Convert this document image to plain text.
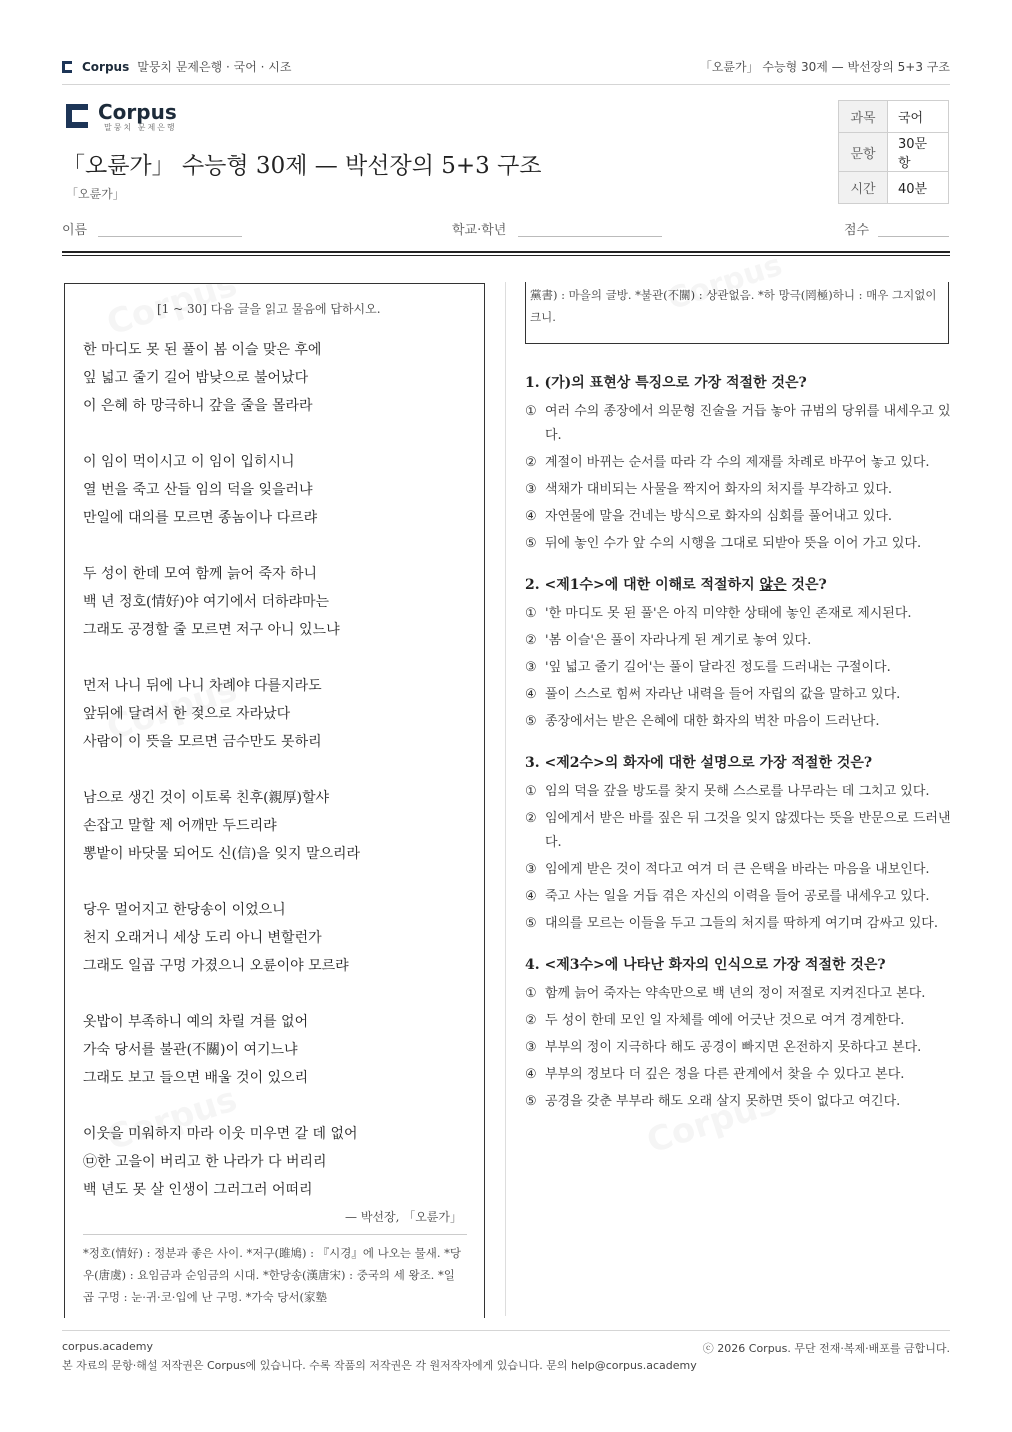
Corpus 말뭉치 문제은행 · 국어 · 시조	「오륜가」 수능형 30제 — 박선장의 5+3 구조
Corpus
말뭉치 문제은행
「오륜가」 수능형 30제 — 박선장의 5+3 구조
「오륜가」
과목	국어
문항	30문항
시간	40분
이름	학교·학년	점수
[1 ~ 30] 다음 글을 읽고 물음에 답하시오.
한 마디도 못 된 풀이 봄 이슬 맞은 후에
잎 넓고 줄기 길어 밤낮으로 불어났다
이 은혜 하 망극하니 갚을 줄을 몰라라
이 임이 먹이시고 이 임이 입히시니
열 번을 죽고 산들 임의 덕을 잊을러냐
만일에 대의를 모르면 종놈이나 다르랴
두 성이 한데 모여 함께 늙어 죽자 하니
백 년 정호(情好)야 여기에서 더하랴마는
그래도 공경할 줄 모르면 저구 아니 있느냐
먼저 나니 뒤에 나니 차례야 다를지라도
앞뒤에 달려서 한 젖으로 자라났다
사람이 이 뜻을 모르면 금수만도 못하리
남으로 생긴 것이 이토록 친후(親厚)할샤
손잡고 말할 제 어깨만 두드리랴
뽕밭이 바닷물 되어도 신(信)을 잊지 말으리라
당우 멀어지고 한당송이 이었으니
천지 오래거니 세상 도리 아니 변할런가
그래도 일곱 구멍 가졌으니 오륜이야 모르랴
옷밥이 부족하니 예의 차릴 겨를 없어
가숙 당서를 불관(不關)이 여기느냐
그래도 보고 들으면 배울 것이 있으리
이웃을 미워하지 마라 이웃 미우면 갈 데 없어
㉤한 고을이 버리고 한 나라가 다 버리리
백 년도 못 살 인생이 그러그러 어떠리
— 박선장, 「오륜가」
*정호(情好) : 정분과 좋은 사이. *저구(雎鳩) : 『시경』에 나오는 물새. *당우(唐虞) : 요임금과 순임금의 시대. *한당송(漢唐宋) : 중국의 세 왕조. *일곱 구멍 : 눈·귀·코·입에 난 구멍. *가숙 당서(家塾
黨書) : 마을의 글방. *불관(不關) : 상관없음. *하 망극(罔極)하니 : 매우 그지없이 크니.
1. (가)의 표현상 특징으로 가장 적절한 것은?
① 여러 수의 종장에서 의문형 진술을 거듭 놓아 규범의 당위를 내세우고 있다.
② 계절이 바뀌는 순서를 따라 각 수의 제재를 차례로 바꾸어 놓고 있다.
③ 색채가 대비되는 사물을 짝지어 화자의 처지를 부각하고 있다.
④ 자연물에 말을 건네는 방식으로 화자의 심회를 풀어내고 있다.
⑤ 뒤에 놓인 수가 앞 수의 시행을 그대로 되받아 뜻을 이어 가고 있다.
2. <제1수>에 대한 이해로 적절하지 않은 것은?
① '한 마디도 못 된 풀'은 아직 미약한 상태에 놓인 존재로 제시된다.
② '봄 이슬'은 풀이 자라나게 된 계기로 놓여 있다.
③ '잎 넓고 줄기 길어'는 풀이 달라진 정도를 드러내는 구절이다.
④ 풀이 스스로 힘써 자라난 내력을 들어 자립의 값을 말하고 있다.
⑤ 종장에서는 받은 은혜에 대한 화자의 벅찬 마음이 드러난다.
3. <제2수>의 화자에 대한 설명으로 가장 적절한 것은?
① 임의 덕을 갚을 방도를 찾지 못해 스스로를 나무라는 데 그치고 있다.
② 임에게서 받은 바를 짚은 뒤 그것을 잊지 않겠다는 뜻을 반문으로 드러낸다.
③ 임에게 받은 것이 적다고 여겨 더 큰 은택을 바라는 마음을 내보인다.
④ 죽고 사는 일을 거듭 겪은 자신의 이력을 들어 공로를 내세우고 있다.
⑤ 대의를 모르는 이들을 두고 그들의 처지를 딱하게 여기며 감싸고 있다.
4. <제3수>에 나타난 화자의 인식으로 가장 적절한 것은?
① 함께 늙어 죽자는 약속만으로 백 년의 정이 저절로 지켜진다고 본다.
② 두 성이 한데 모인 일 자체를 예에 어긋난 것으로 여겨 경계한다.
③ 부부의 정이 지극하다 해도 공경이 빠지면 온전하지 못하다고 본다.
④ 부부의 정보다 더 깊은 정을 다른 관계에서 찾을 수 있다고 본다.
⑤ 공경을 갖춘 부부라 해도 오래 살지 못하면 뜻이 없다고 여긴다.
corpus.academy	ⓒ 2026 Corpus. 무단 전재·복제·배포를 금합니다.
본 자료의 문항·해설 저작권은 Corpus에 있습니다. 수록 작품의 저작권은 각 원저작자에게 있습니다. 문의 help@corpus.academy
